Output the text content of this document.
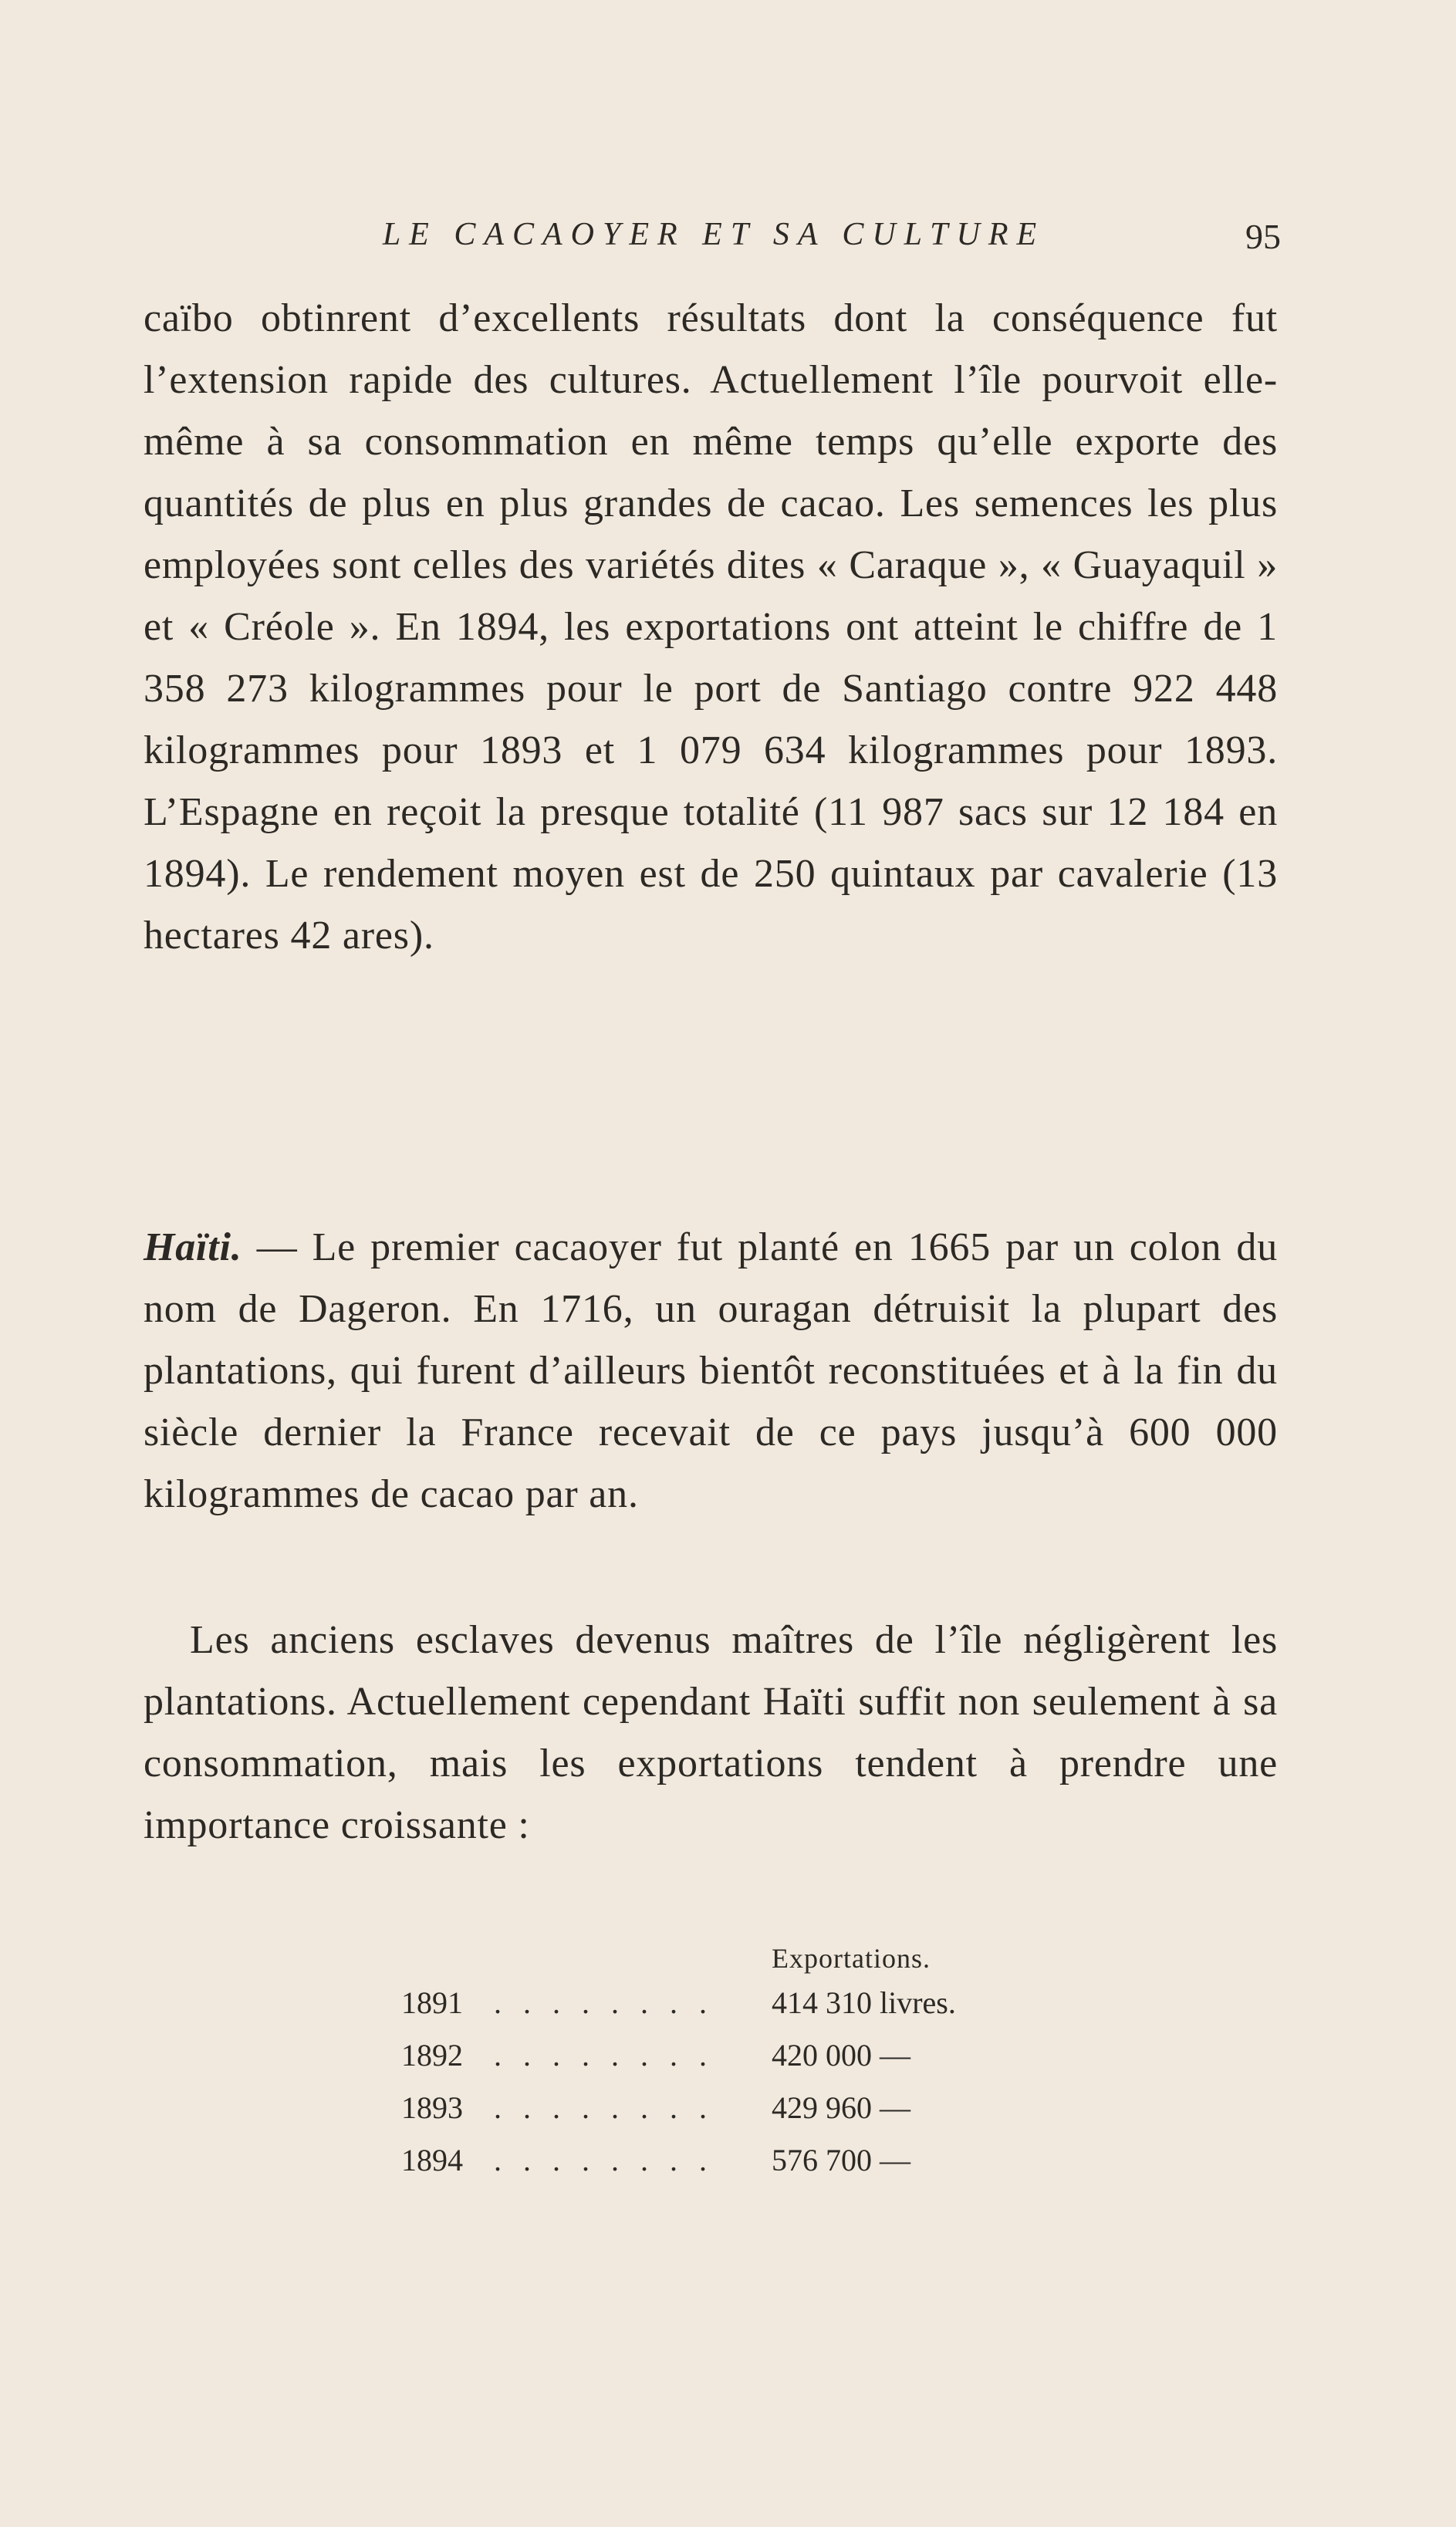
LE CACAOYER ET SA CULTURE	95

caïbo obtinrent d’excellents résultats dont la conséquence fut l’extension rapide des cultures. Actuellement l’île pourvoit elle-même à sa consommation en même temps qu’elle exporte des quantités de plus en plus grandes de cacao. Les semences les plus employées sont celles des variétés dites « Caraque », « Guayaquil » et « Créole ». En 1894, les exportations ont atteint le chiffre de 1 358 273 kilogrammes pour le port de Santiago contre 922 448 kilogrammes pour 1893 et 1 079 634 kilogrammes pour 1893. L’Espagne en reçoit la presque totalité (11 987 sacs sur 12 184 en 1894). Le rendement moyen est de 250 quintaux par cavalerie (13 hectares 42 ares).

Haïti. — Le premier cacaoyer fut planté en 1665 par un colon du nom de Dageron. En 1716, un ouragan détruisit la plupart des plantations, qui furent d’ailleurs bientôt reconstituées et à la fin du siècle dernier la France recevait de ce pays jusqu’à 600 000 kilogrammes de cacao par an.

Les anciens esclaves devenus maîtres de l’île négligèrent les plantations. Actuellement cependant Haïti suffit non seulement à sa consommation, mais les exportations tendent à prendre une importance croissante :

Exportations.
1891 . . . . . . . . 414 310 livres.
1892 . . . . . . . . 420 000 —
1893 . . . . . . . . 429 960 —
1894 . . . . . . . . 576 700 —
